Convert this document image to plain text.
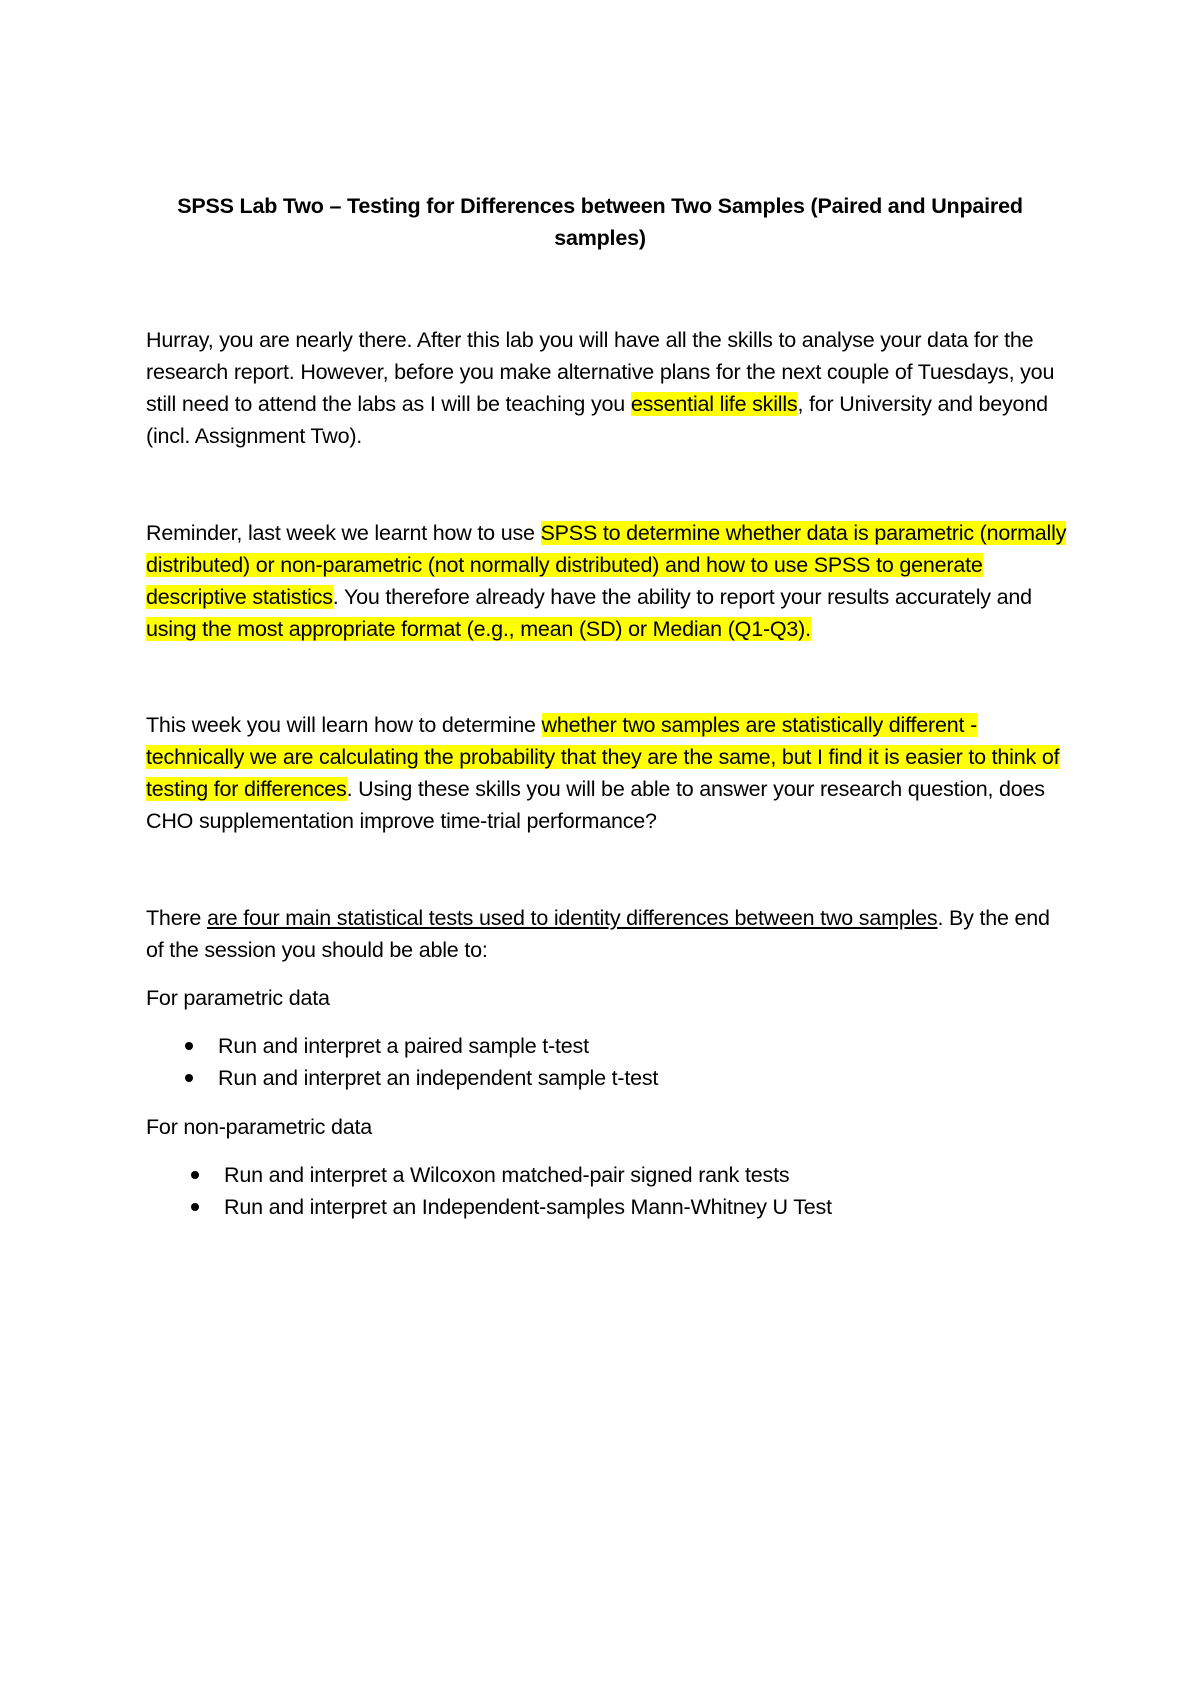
SPSS Lab Two – Testing for Differences between Two Samples (Paired and Unpaired samples)
Hurray, you are nearly there. After this lab you will have all the skills to analyse your data for the research report. However, before you make alternative plans for the next couple of Tuesdays, you still need to attend the labs as I will be teaching you essential life skills, for University and beyond (incl. Assignment Two).
Reminder, last week we learnt how to use SPSS to determine whether data is parametric (normally distributed) or non-parametric (not normally distributed) and how to use SPSS to generate descriptive statistics. You therefore already have the ability to report your results accurately and using the most appropriate format (e.g., mean (SD) or Median (Q1-Q3).
This week you will learn how to determine whether two samples are statistically different - technically we are calculating the probability that they are the same, but I find it is easier to think of testing for differences. Using these skills you will be able to answer your research question, does CHO supplementation improve time-trial performance?
There are four main statistical tests used to identity differences between two samples. By the end of the session you should be able to:
For parametric data
Run and interpret a paired sample t-test
Run and interpret an independent sample t-test
For non-parametric data
Run and interpret a Wilcoxon matched-pair signed rank tests
Run and interpret an Independent-samples Mann-Whitney U Test
